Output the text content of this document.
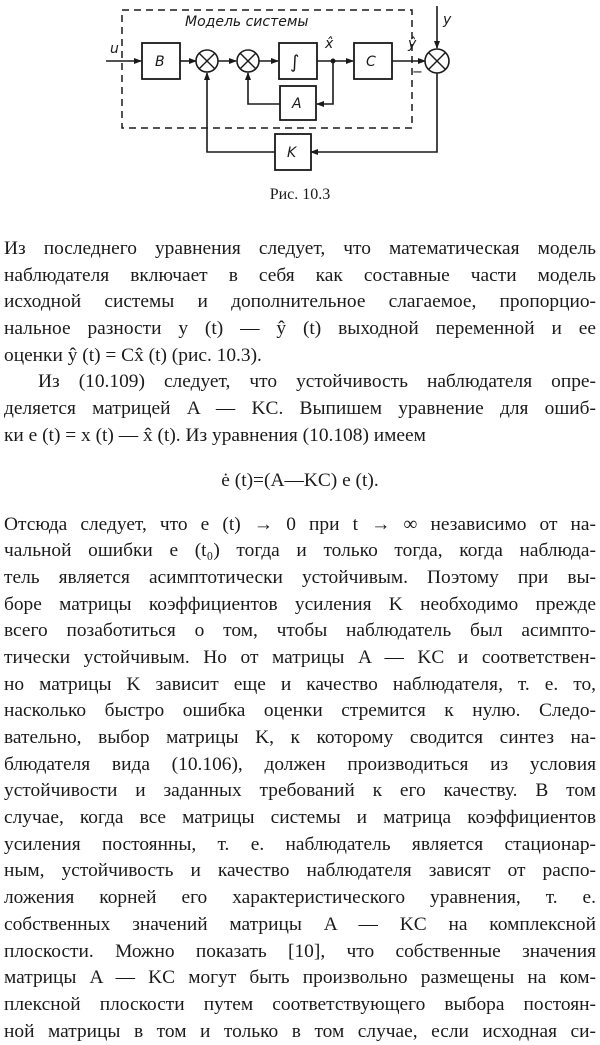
Модель системы
u
B	∫
x̂
A
C
ŷ
−
y
K
Рис. 10.3
Из последнего уравнения следует, что математическая модель
наблюдателя включает в себя как составные части модель
исходной системы и дополнительное слагаемое, пропорцио-
нальное разности y (t) — ŷ (t) выходной переменной и ее
оценки ŷ (t) = Cx̂ (t) (рис. 10.3).
Из (10.109) следует, что устойчивость наблюдателя опре-
деляется матрицей A — KC. Выпишем уравнение для ошиб-
ки e (t) = x (t) — x̂ (t). Из уравнения (10.108) имеем
ė (t)=(A—KC) e (t).
Отсюда следует, что e (t) → 0 при t → ∞ независимо от на-
чальной ошибки e (t₀) тогда и только тогда, когда наблюда-
тель является асимптотически устойчивым. Поэтому при вы-
боре матрицы коэффициентов усиления K необходимо прежде
всего позаботиться о том, чтобы наблюдатель был асимпто-
тически устойчивым. Но от матрицы A — KC и соответствен-
но матрицы K зависит еще и качество наблюдателя, т. е. то,
насколько быстро ошибка оценки стремится к нулю. Следо-
вательно, выбор матрицы K, к которому сводится синтез на-
блюдателя вида (10.106), должен производиться из условия
устойчивости и заданных требований к его качеству. В том
случае, когда все матрицы системы и матрица коэффициентов
усиления постоянны, т. е. наблюдатель является стационар-
ным, устойчивость и качество наблюдателя зависят от распо-
ложения корней его характеристического уравнения, т. е.
собственных значений матрицы A — KC на комплексной
плоскости. Можно показать [10], что собственные значения
матрицы A — KC могут быть произвольно размещены на ком-
плексной плоскости путем соответствующего выбора постоян-
ной матрицы в том и только в том случае, если исходная си-
